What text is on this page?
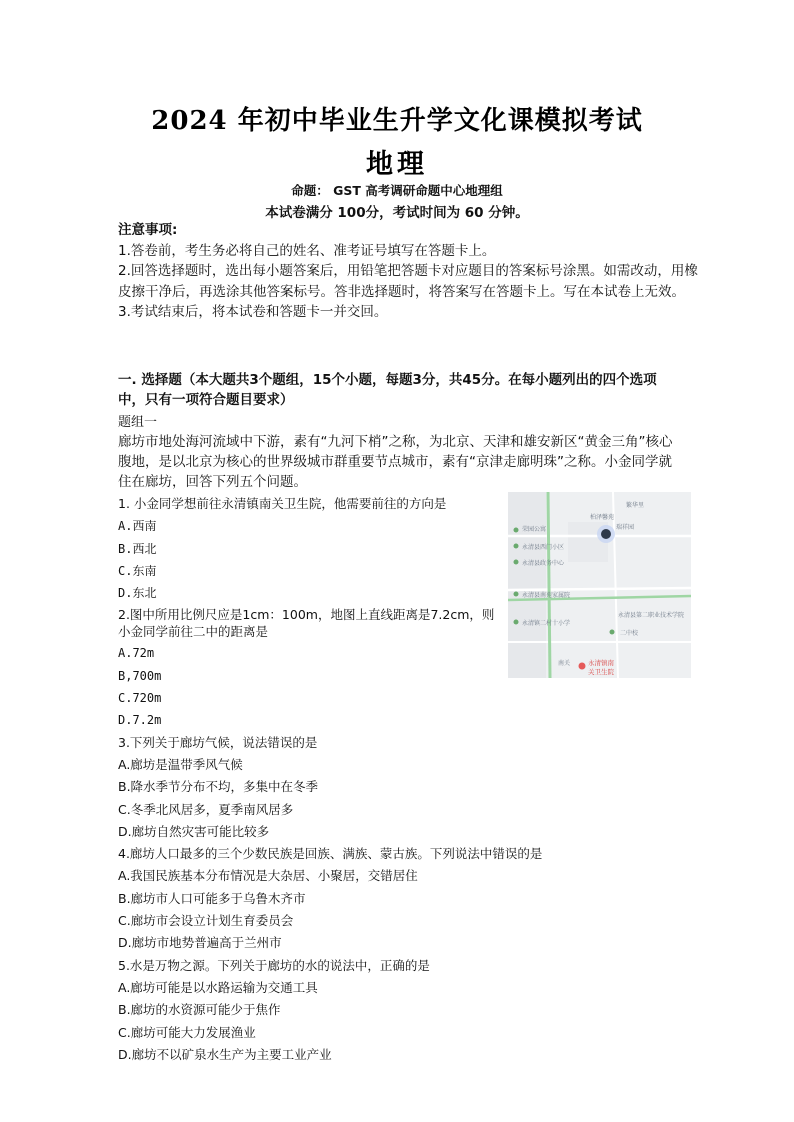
2024 年初中毕业生升学文化课模拟考试
地理
命题： GST 高考调研命题中心地理组
本试卷满分 100分，考试时间为 60 分钟。

注意事项:

1.答卷前，考生务必将自己的姓名、准考证号填写在答题卡上。

2.回答选择题时，选出每小题答案后，用铅笔把答题卡对应题目的答案标号涂黑。如需改动，用橡皮擦干净后，再选涂其他答案标号。答非选择题时，将答案写在答题卡上。写在本试卷上无效。

3.考试结束后，将本试卷和答题卡一并交回。

一. 选择题（本大题共3个题组，15个小题，每题3分，共45分。在每小题列出的四个选项中，只有一项符合题目要求）
题组一
廊坊市地处海河流域中下游，素有“九河下梢”之称，为北京、天津和雄安新区“黄金三角”核心腹地，是以北京为核心的世界级城市群重要节点城市，素有“京津走廊明珠”之称。小金同学就住在廊坊，回答下列五个问题。
1. 小金同学想前往永清镇南关卫生院，他需要前往的方向是
A.西南
B.西北
C.东南
D.东北
2.图中所用比例尺应是1cm：100m，地图上直线距离是7.2cm，则小金同学前往二中的距离是
A.72m
B,700m
C.720m
D.7.2m
3.下列关于廊坊气候，说法错误的是
A.廊坊是温带季风气候
B.降水季节分布不均，多集中在冬季
C.冬季北风居多，夏季南风居多
D.廊坊自然灾害可能比较多
4.廊坊人口最多的三个少数民族是回族、满族、蒙古族。下列说法中错误的是
A.我国民族基本分布情况是大杂居、小聚居，交错居住
B.廊坊市人口可能多于乌鲁木齐市
C.廊坊市会设立计划生育委员会
D.廊坊市地势普遍高于兰州市
5.水是万物之源。下列关于廊坊的水的说法中，正确的是
A.廊坊可能是以水路运输为交通工具
B.廊坊的水资源可能少于焦作
C.廊坊可能大力发展渔业
D.廊坊不以矿泉水生产为主要工业产业
繁华里
柏泽馨苑
瑞祥园
荣园公寓
永清县西门小区
永清县政务中心
永清县南苑家属院
永清县第二职业技术学院
永清镇二村十小学
二中校
南关	永清镇南
关卫生院
